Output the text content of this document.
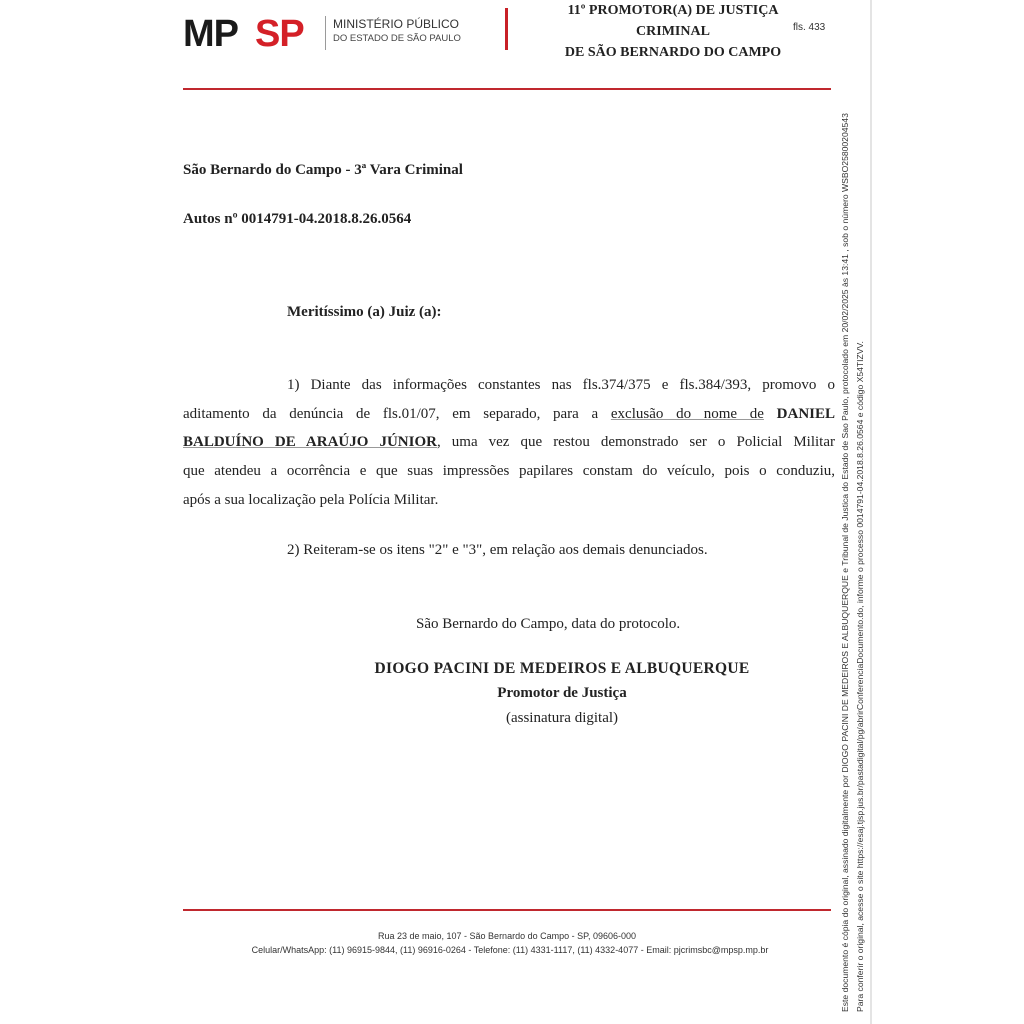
MP SP MINISTÉRIO PÚBLICO
DO ESTADO DE SÃO PAULO
11º PROMOTOR(A) DE JUSTIÇA
CRIMINAL
DE SÃO BERNARDO DO CAMPO
fls. 433
São Bernardo do Campo - 3ª Vara Criminal
Autos nº 0014791-04.2018.8.26.0564
Meritíssimo (a) Juiz (a):
1) Diante das informações constantes nas fls.374/375 e fls.384/393, promovo o
aditamento da denúncia de fls.01/07, em separado, para a exclusão do nome de DANIEL
BALDUÍNO DE ARAÚJO JÚNIOR, uma vez que restou demonstrado ser o Policial Militar
que atendeu a ocorrência e que suas impressões papilares constam do veículo, pois o conduziu,
após a sua localização pela Polícia Militar.
2) Reiteram-se os itens "2" e "3", em relação aos demais denunciados.
São Bernardo do Campo, data do protocolo.
DIOGO PACINI DE MEDEIROS E ALBUQUERQUE
Promotor de Justiça
(assinatura digital)
Rua 23 de maio, 107 - São Bernardo do Campo - SP, 09606-000
Celular/WhatsApp: (11) 96915-9844, (11) 96916-0264 - Telefone: (11) 4331-1117, (11) 4332-4077 - Email: pjcrimsbc@mpsp.mp.br	Este documento é cópia do original, assinado digitalmente por DIOGO PACINI DE MEDEIROS E ALBUQUERQUE e Tribunal de Justica do Estado de Sao Paulo, protocolado em 20/02/2025 às 13:41 , sob o número WSBO25800204543 Para conferir o original, acesse o site https://esaj.tjsp.jus.br/pastadigital/pg/abrirConferenciaDocumento.do, informe o processo 0014791-04.2018.8.26.0564 e código X54TIZVV.
